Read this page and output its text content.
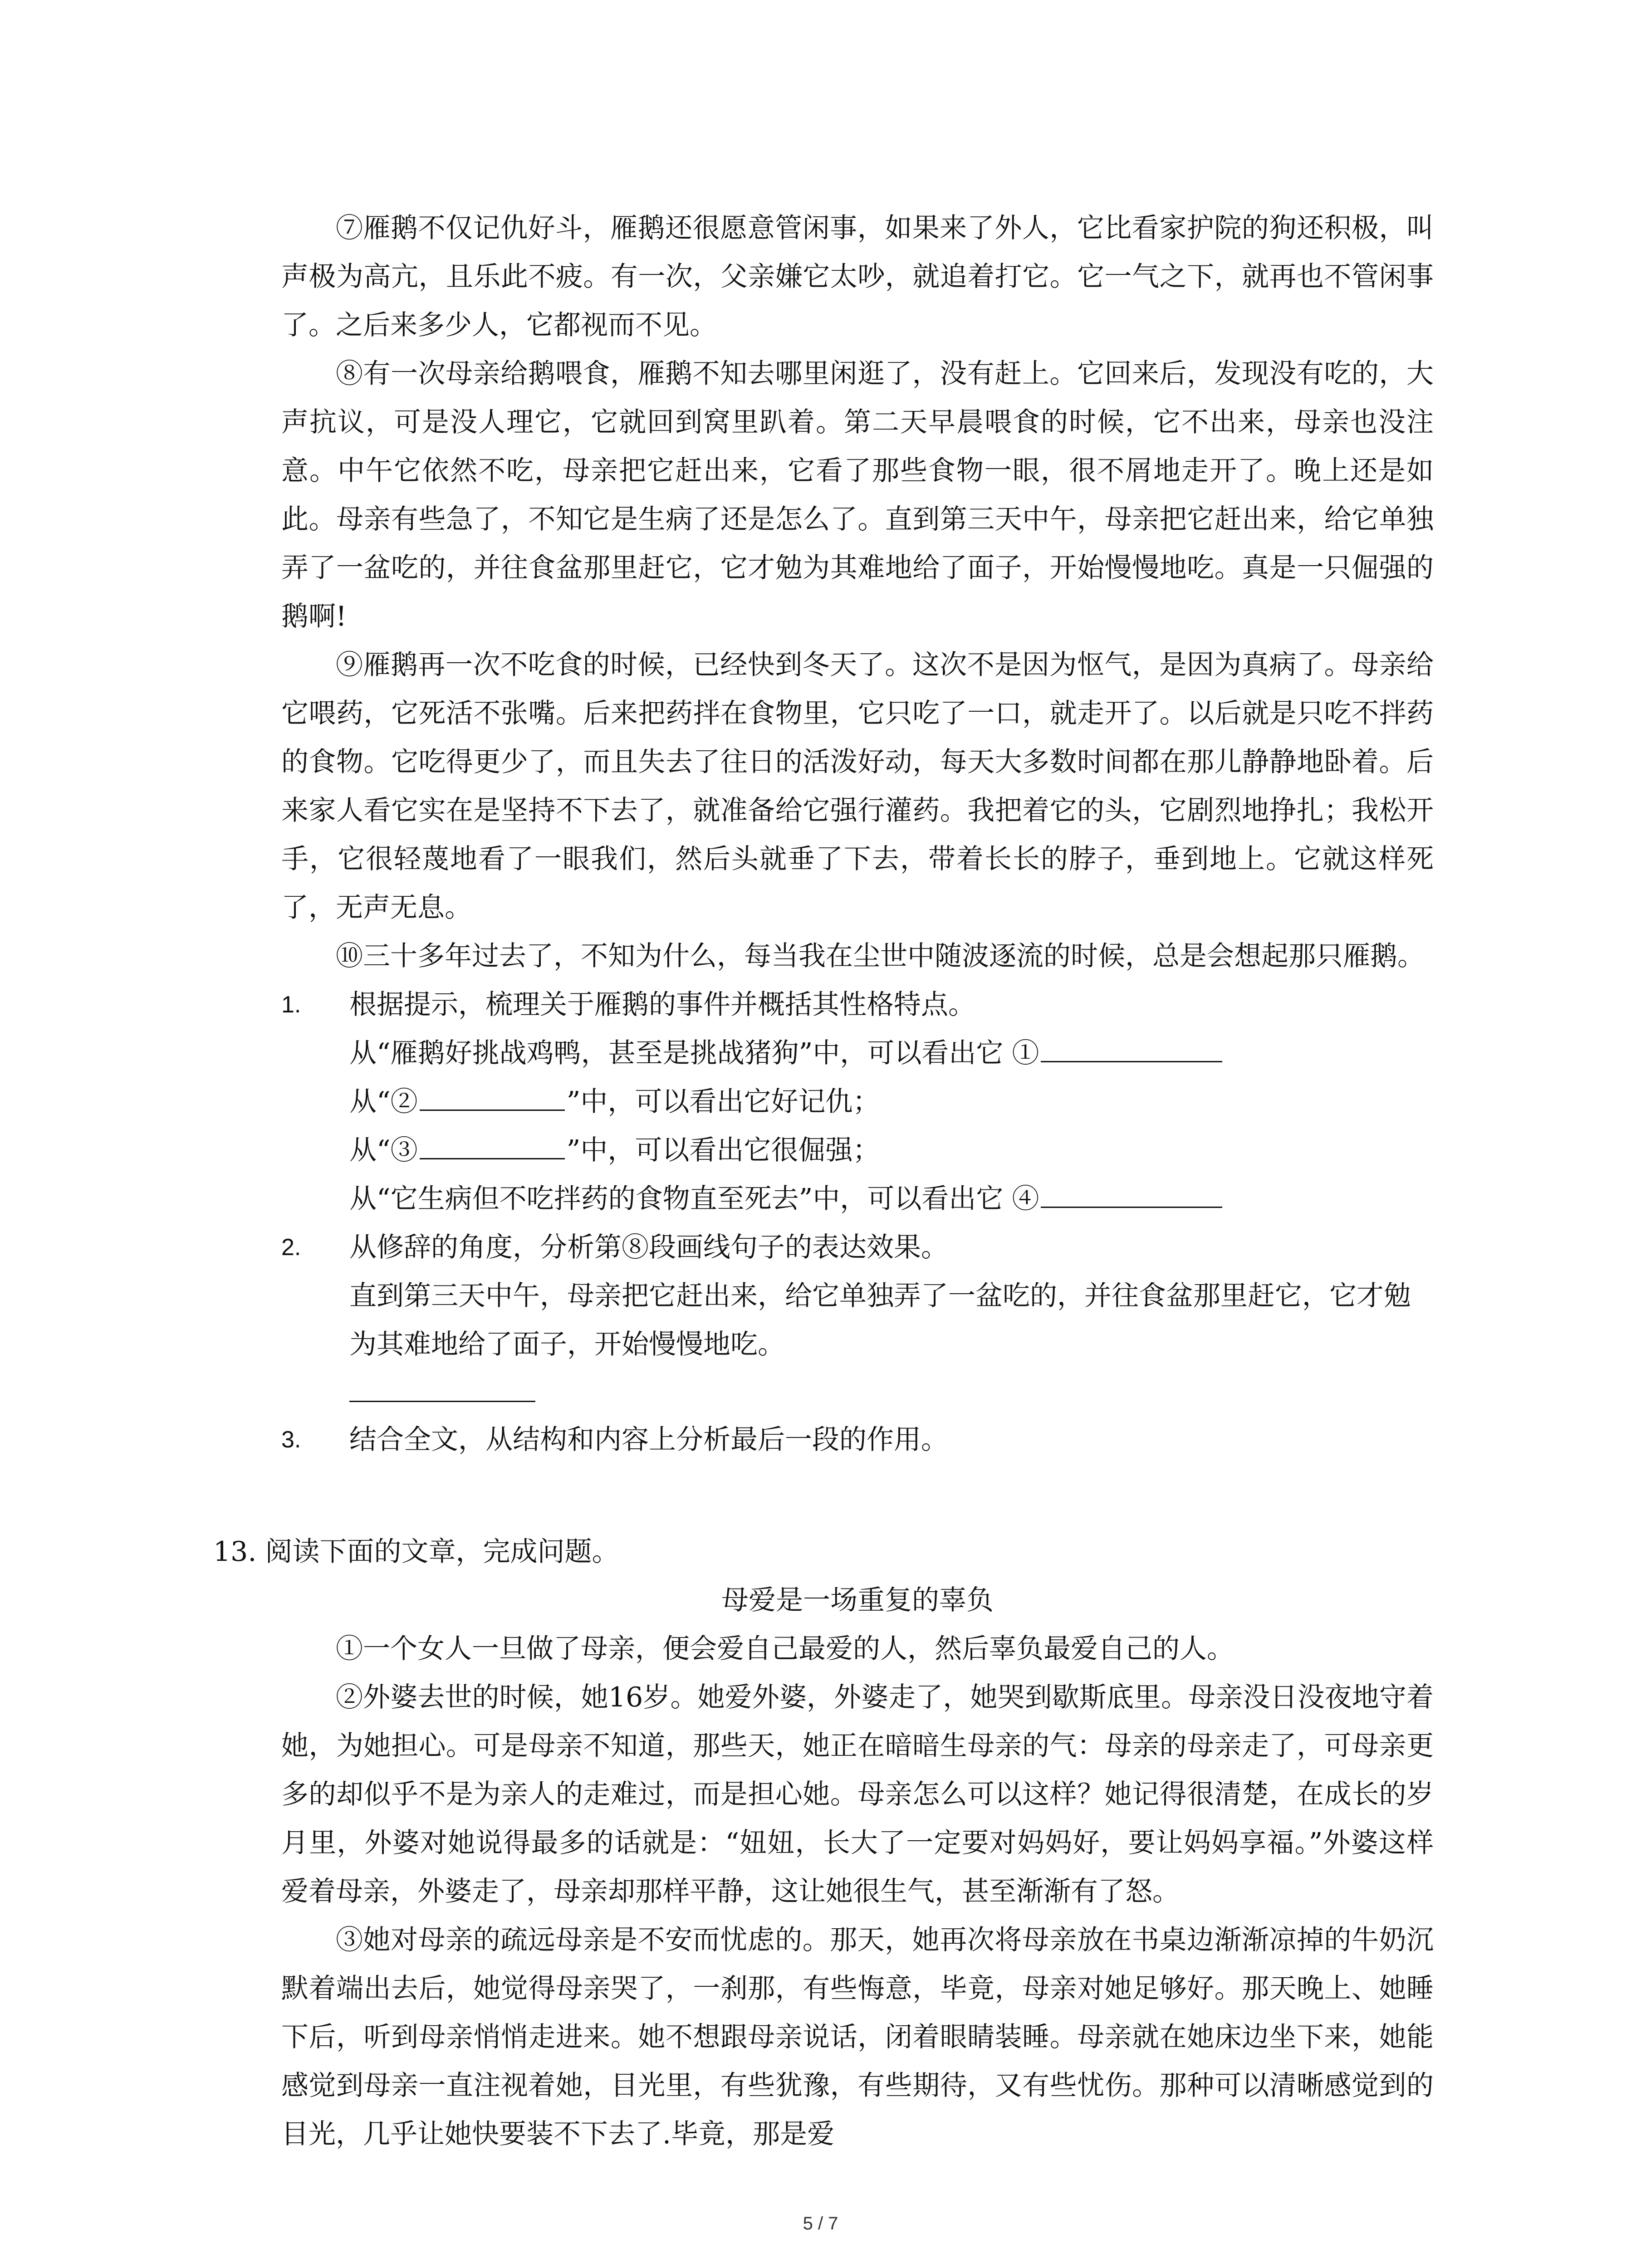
⑦雁鹅不仅记仇好斗，雁鹅还很愿意管闲事，如果来了外人，它比看家护院的狗还积极，叫声极为高亢，且乐此不疲。有一次，父亲嫌它太吵，就追着打它。它一气之下，就再也不管闲事了。之后来多少人，它都视而不见。

⑧有一次母亲给鹅喂食，雁鹅不知去哪里闲逛了，没有赶上。它回来后，发现没有吃的，大声抗议，可是没人理它，它就回到窝里趴着。第二天早晨喂食的时候，它不出来，母亲也没注意。中午它依然不吃，母亲把它赶出来，它看了那些食物一眼，很不屑地走开了。晚上还是如此。母亲有些急了，不知它是生病了还是怎么了。直到第三天中午，母亲把它赶出来，给它单独弄了一盆吃的，并往食盆那里赶它，它才勉为其难地给了面子，开始慢慢地吃。真是一只倔强的鹅啊!

⑨雁鹅再一次不吃食的时候，已经快到冬天了。这次不是因为怄气，是因为真病了。母亲给它喂药，它死活不张嘴。后来把药拌在食物里，它只吃了一口，就走开了。以后就是只吃不拌药的食物。它吃得更少了，而且失去了往日的活泼好动，每天大多数时间都在那儿静静地卧着。后来家人看它实在是坚持不下去了，就准备给它强行灌药。我把着它的头，它剧烈地挣扎；我松开手，它很轻蔑地看了一眼我们，然后头就垂了下去，带着长长的脖子，垂到地上。它就这样死了，无声无息。

⑩三十多年过去了，不知为什么，每当我在尘世中随波逐流的时候，总是会想起那只雁鹅。

1.	根据提示，梳理关于雁鹅的事件并概括其性格特点。

从“雁鹅好挑战鸡鸭，甚至是挑战猪狗”中，可以看出它 ①

从“②	”中，可以看出它好记仇；

从“③	”中，可以看出它很倔强；

从“它生病但不吃拌药的食物直至死去”中，可以看出它 ④

2.	从修辞的角度，分析第⑧段画线句子的表达效果。
直到第三天中午，母亲把它赶出来，给它单独弄了一盆吃的，并往食盆那里赶它，它才勉为其难地给了面子，开始慢慢地吃。
3.	结合全文，从结构和内容上分析最后一段的作用。

13. 阅读下面的文章，完成问题。

母爱是一场重复的辜负

①一个女人一旦做了母亲，便会爱自己最爱的人，然后辜负最爱自己的人。

②外婆去世的时候，她16岁。她爱外婆，外婆走了，她哭到歇斯底里。母亲没日没夜地守着她，为她担心。可是母亲不知道，那些天，她正在暗暗生母亲的气：母亲的母亲走了，可母亲更多的却似乎不是为亲人的走难过，而是担心她。母亲怎么可以这样？她记得很清楚，在成长的岁月里，外婆对她说得最多的话就是：“妞妞，长大了一定要对妈妈好，要让妈妈享福。”外婆这样爱着母亲，外婆走了，母亲却那样平静，这让她很生气，甚至渐渐有了怒。

③她对母亲的疏远母亲是不安而忧虑的。那天，她再次将母亲放在书桌边渐渐凉掉的牛奶沉默着端出去后，她觉得母亲哭了，一刹那，有些悔意，毕竟，母亲对她足够好。那天晚上、她睡下后，听到母亲悄悄走进来。她不想跟母亲说话，闭着眼睛装睡。母亲就在她床边坐下来，她能感觉到母亲一直注视着她，目光里，有些犹豫，有些期待，又有些忧伤。那种可以清晰感觉到的目光，几乎让她快要装不下去了.毕竟，那是爱

5 / 7
